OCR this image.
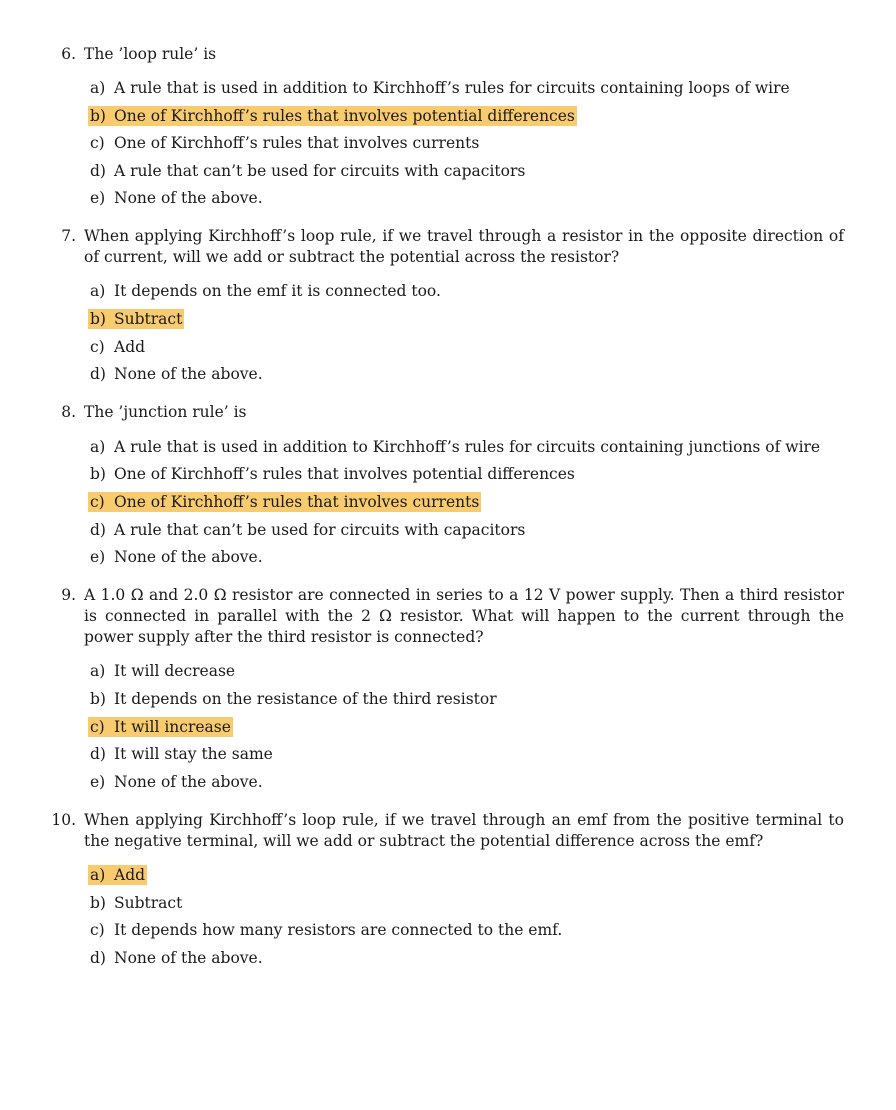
6. The ’loop rule’ is
a) A rule that is used in addition to Kirchhoff’s rules for circuits containing loops of wire
b) One of Kirchhoff’s rules that involves potential differences
c) One of Kirchhoff’s rules that involves currents
d) A rule that can’t be used for circuits with capacitors
e) None of the above.
7. When applying Kirchhoff’s loop rule, if we travel through a resistor in the opposite direction of of current, will we add or subtract the potential across the resistor?
a) It depends on the emf it is connected too.
b) Subtract
c) Add
d) None of the above.
8. The ’junction rule’ is
a) A rule that is used in addition to Kirchhoff’s rules for circuits containing junctions of wire
b) One of Kirchhoff’s rules that involves potential differences
c) One of Kirchhoff’s rules that involves currents
d) A rule that can’t be used for circuits with capacitors
e) None of the above.
9. A 1.0 Ω and 2.0 Ω resistor are connected in series to a 12 V power supply. Then a third resistor is connected in parallel with the 2 Ω resistor. What will happen to the current through the power supply after the third resistor is connected?
a) It will decrease
b) It depends on the resistance of the third resistor
c) It will increase
d) It will stay the same
e) None of the above.
10. When applying Kirchhoff’s loop rule, if we travel through an emf from the positive terminal to the negative terminal, will we add or subtract the potential difference across the emf?
a) Add
b) Subtract
c) It depends how many resistors are connected to the emf.
d) None of the above.
